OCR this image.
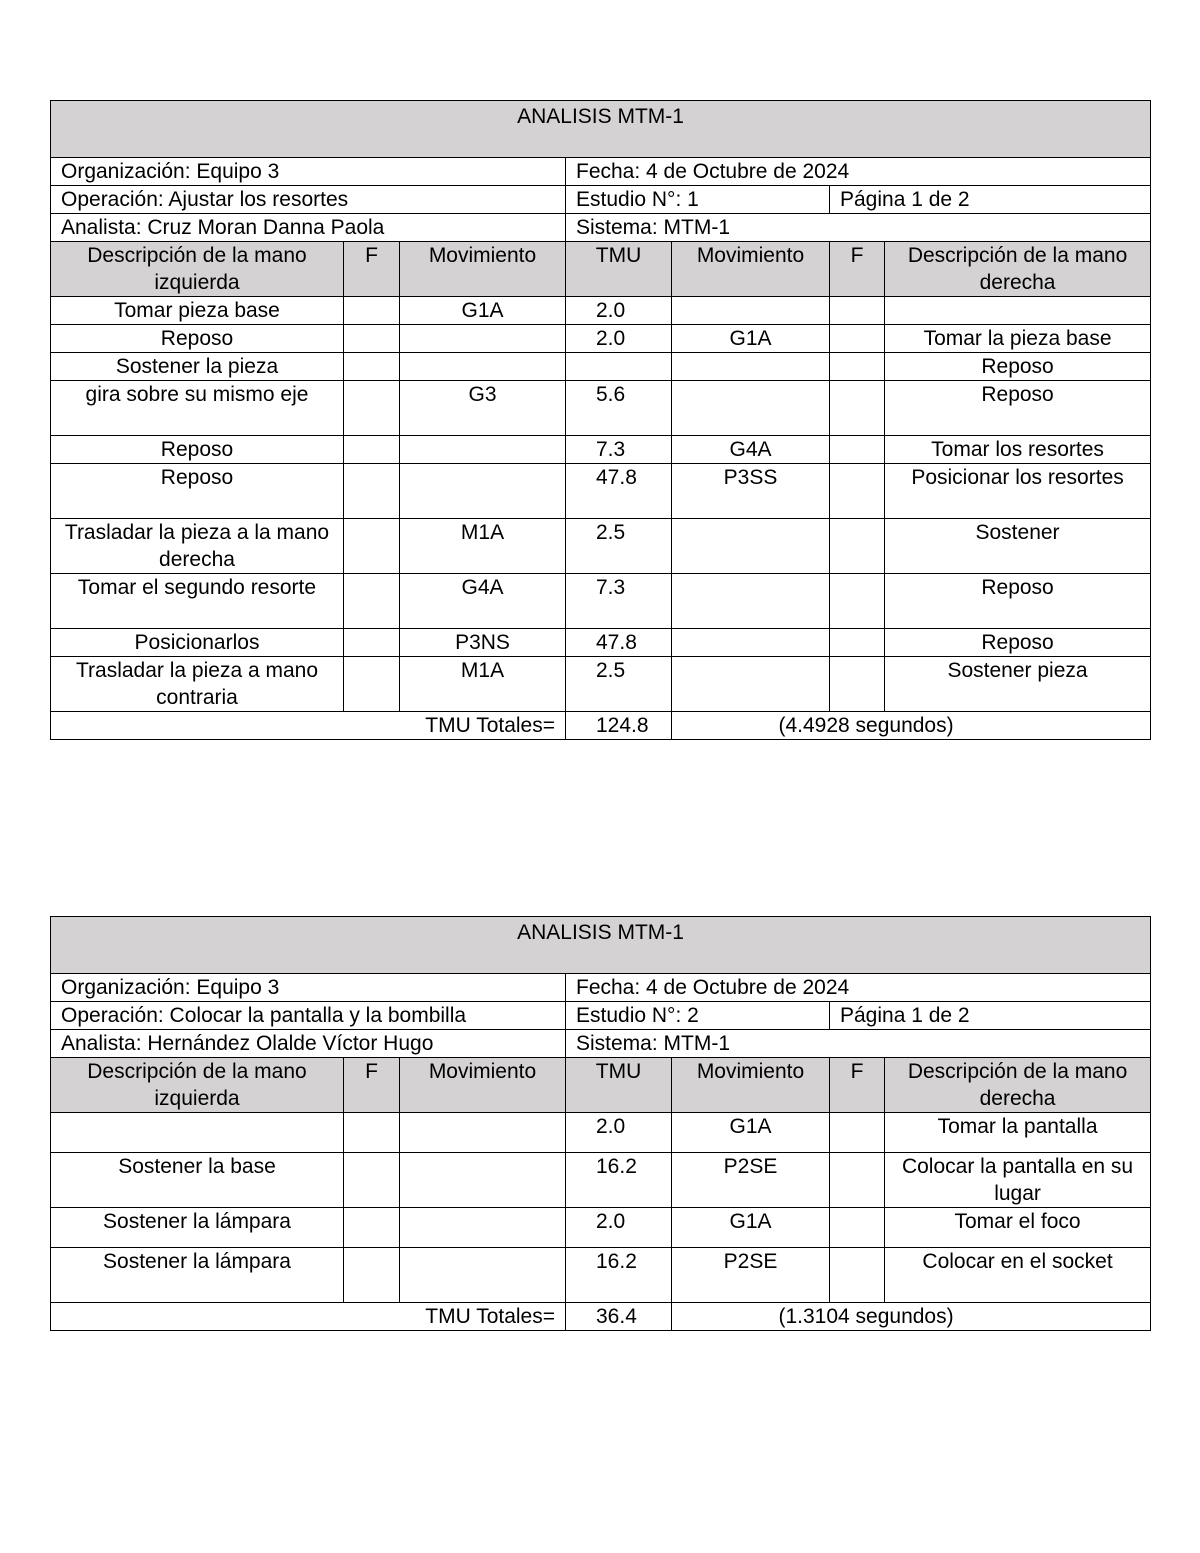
ANALISIS MTM-1						
Organización: Equipo 3			Fecha: 4 de Octubre de 2024			
Operación: Ajustar los resortes			Estudio N°: 1		Página 1 de 2	
Analista: Cruz Moran Danna Paola			Sistema: MTM-1			
Descripción de la mano izquierda	F	Movimiento	TMU	Movimiento	F	Descripción de la mano derecha
Tomar pieza base		G1A	2.0			
Reposo			2.0	G1A		Tomar la pieza base
Sostener la pieza						Reposo
gira sobre su mismo eje		G3	5.6			Reposo
Reposo			7.3	G4A		Tomar los resortes
Reposo			47.8	P3SS		Posicionar los resortes
Trasladar la pieza a la mano derecha		M1A	2.5			Sostener
Tomar el segundo resorte		G4A	7.3			Reposo
Posicionarlos		P3NS	47.8			Reposo
Trasladar la pieza a mano contraria		M1A	2.5			Sostener pieza
TMU Totales=			124.8	(4.4928 segundos)		
ANALISIS MTM-1						
Organización: Equipo 3			Fecha: 4 de Octubre de 2024			
Operación: Colocar la pantalla y la bombilla			Estudio N°: 2		Página 1 de 2	
Analista: Hernández Olalde Víctor Hugo			Sistema: MTM-1			
Descripción de la mano izquierda	F	Movimiento	TMU	Movimiento	F	Descripción de la mano derecha
			2.0	G1A		Tomar la pantalla
Sostener la base			16.2	P2SE		Colocar la pantalla en su lugar
Sostener la lámpara			2.0	G1A		Tomar el foco
Sostener la lámpara			16.2	P2SE		Colocar en el socket
TMU Totales=			36.4	(1.3104 segundos)		
